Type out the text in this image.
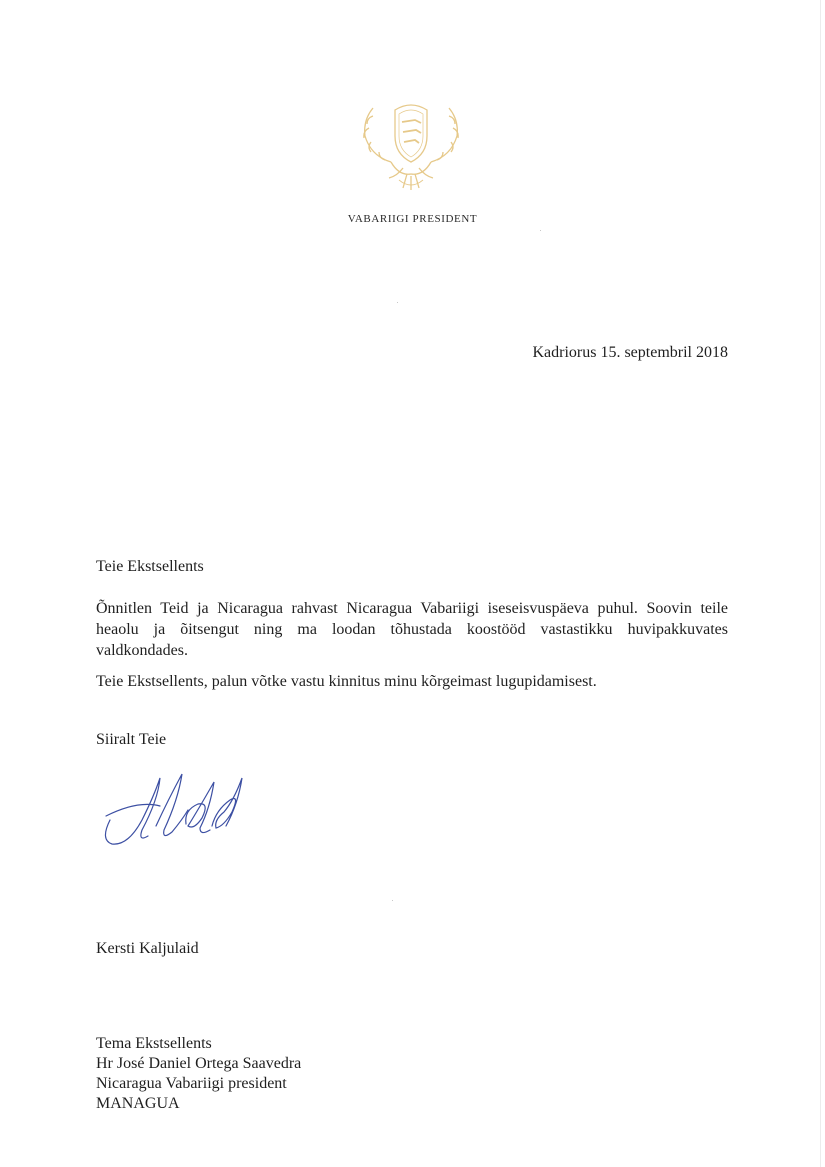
VABARIIGI PRESIDENT
Kadriorus 15. septembril 2018
Teie Ekstsellents
Õnnitlen Teid ja Nicaragua rahvast Nicaragua Vabariigi iseseisvuspäeva puhul. Soovin teile
heaolu ja õitsengut ning ma loodan tõhustada koostööd vastastikku huvipakkuvates
valdkondades.
Teie Ekstsellents, palun võtke vastu kinnitus minu kõrgeimast lugupidamisest.
Siiralt Teie
Kersti Kaljulaid
Tema Ekstsellents
Hr José Daniel Ortega Saavedra
Nicaragua Vabariigi president
MANAGUA
